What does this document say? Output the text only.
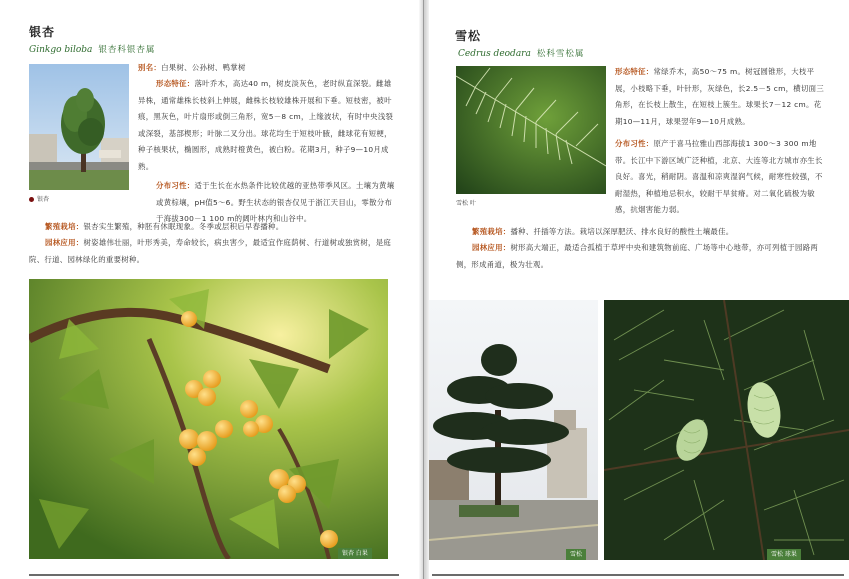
银杏
Ginkgo biloba 银杏科银杏属
银杏
别名：白果树、公孙树、鸭掌树
形态特征：落叶乔木，高达40 m，树皮淡灰色，老时纵直深裂。雌雄异株，通常雄株长枝斜上伸展，雌株长枝较雄株开展和下垂。短枝密，被叶痕，黑灰色，叶片扇形或倒三角形，宽5－8 cm，上缘波状，有时中央浅裂或深裂，基部楔形；叶脉二叉分出。球花均生于短枝叶腋，雌球花有短梗，种子核果状，椭圆形，成熟时橙黄色，被白粉。花期3月，种子9—10月成熟。
分布习性：适于生长在水热条件比较优越的亚热带季风区。土壤为黄壤或黄棕壤，pH值5～6。野生状态的银杏仅见于浙江天目山，零散分布于海拔300－1 100 m的阔叶林内和山谷中。
繁殖栽培：银杏实生繁殖，种胚有休眠现象。冬季或层积后早春播种。
园林应用：树姿雄伟壮丽，叶形秀美，寿命较长，病虫害少，最适宜作庭荫树、行道树或独赏树，是庭院、行道、园林绿化的重要树种。
银杏 白果
雪松
Cedrus deodara 松科雪松属
雪松 叶
形态特征：常绿乔木，高50～75 m。树冠圆锥形，大枝平展，小枝略下垂，叶针形，灰绿色，长2.5－5 cm，横切面三角形，在长枝上散生，在短枝上簇生。球果长7－12 cm。花期10—11月，球果翌年9—10月成熟。
分布习性：原产于喜马拉雅山西部海拔1 300～3 300 m地带。长江中下游区域广泛种植，北京、大连等北方城市亦生长良好。喜光，稍耐阴。喜温和凉爽湿润气候，耐寒性较强，不耐湿热，种植地忌积水，较耐干旱贫瘠。对二氧化硫极为敏感，抗烟害能力弱。
繁殖栽培：播种、扦插等方法。栽培以深厚肥沃、排水良好的酸性土壤最佳。
园林应用：树形高大端正，最适合孤植于草坪中央和建筑物前庭、广场等中心地带，亦可列植于园路两侧，形成甬道，极为壮观。
雪松	雪松 球果
